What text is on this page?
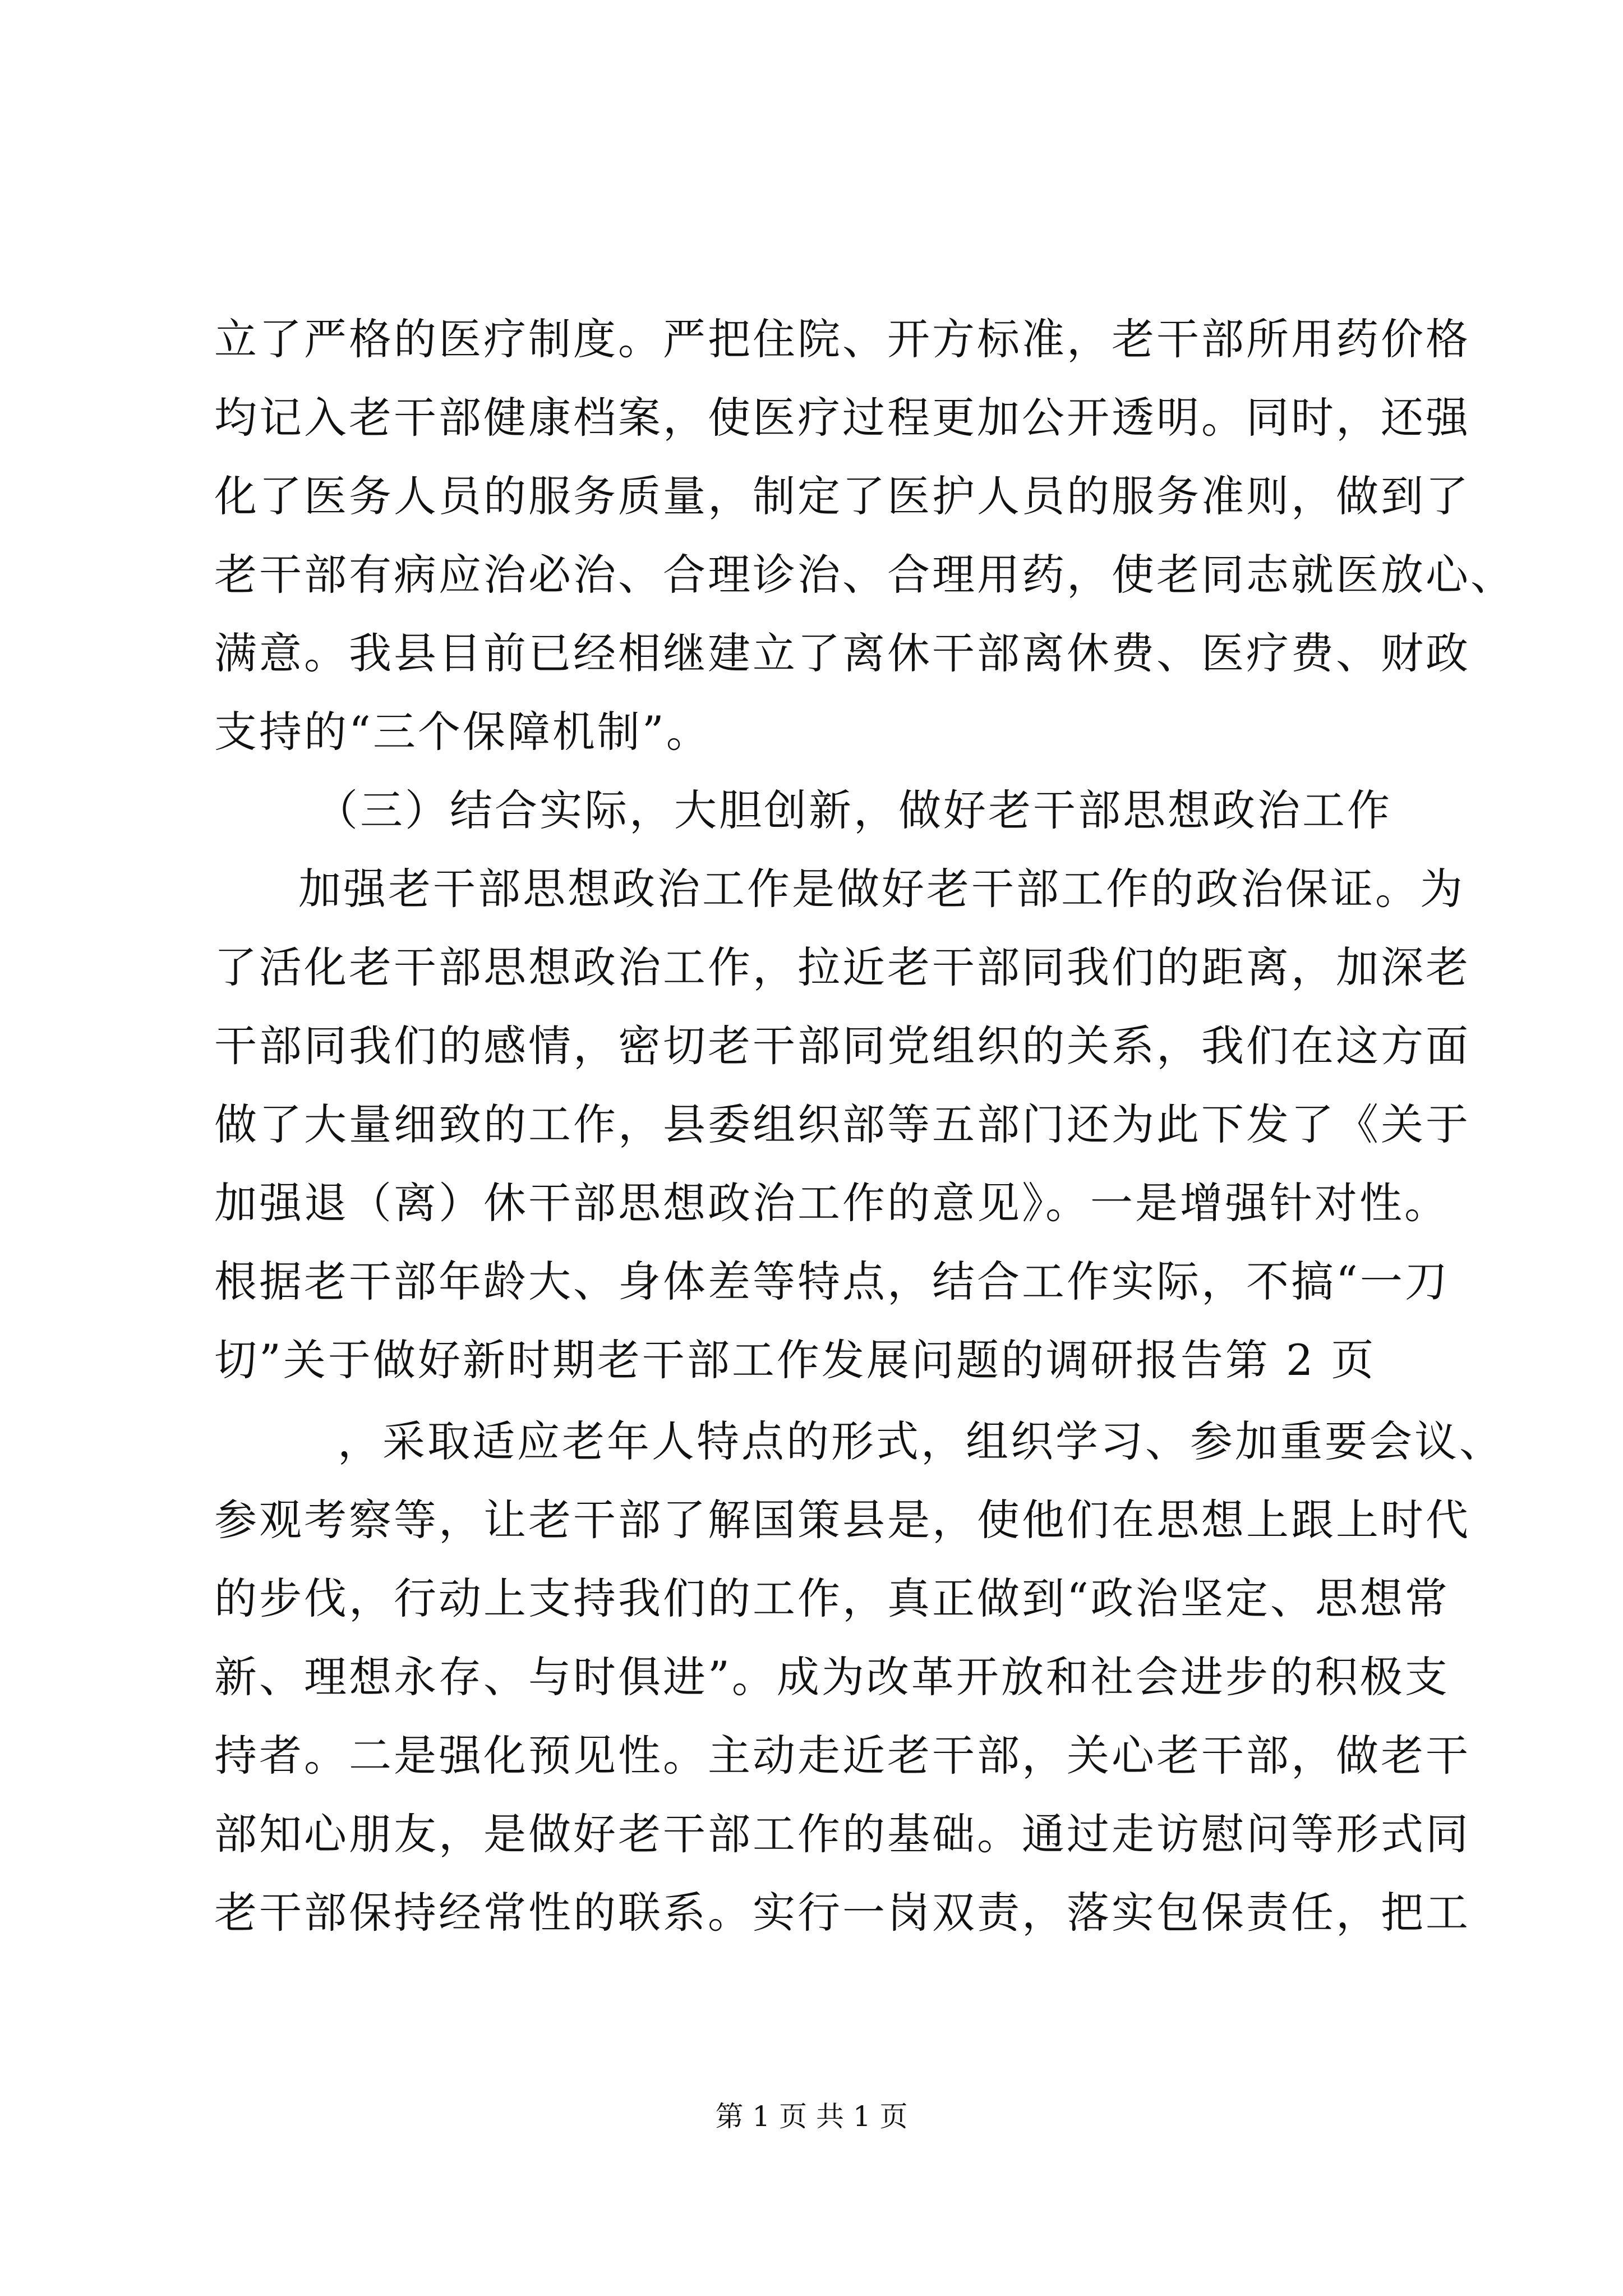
立了严格的医疗制度。严把住院、开方标准，老干部所用药价格
均记入老干部健康档案，使医疗过程更加公开透明。同时，还强
化了医务人员的服务质量，制定了医护人员的服务准则，做到了
老干部有病应治必治、合理诊治、合理用药，使老同志就医放心、
满意。我县目前已经相继建立了离休干部离休费、医疗费、财政
支持的“三个保障机制”。
（三）结合实际，大胆创新，做好老干部思想政治工作
加强老干部思想政治工作是做好老干部工作的政治保证。为
了活化老干部思想政治工作，拉近老干部同我们的距离，加深老
干部同我们的感情，密切老干部同党组织的关系，我们在这方面
做了大量细致的工作，县委组织部等五部门还为此下发了《关于
加强退（离）休干部思想政治工作的意见》。一是增强针对性。
根据老干部年龄大、身体差等特点，结合工作实际，不搞“一刀
切”关于做好新时期老干部工作发展问题的调研报告第 2 页
，采取适应老年人特点的形式，组织学习、参加重要会议、
参观考察等，让老干部了解国策县是，使他们在思想上跟上时代
的步伐，行动上支持我们的工作，真正做到“政治坚定、思想常
新、理想永存、与时俱进”。成为改革开放和社会进步的积极支
持者。二是强化预见性。主动走近老干部，关心老干部，做老干
部知心朋友，是做好老干部工作的基础。通过走访慰问等形式同
老干部保持经常性的联系。实行一岗双责，落实包保责任，把工
第 1 页 共 1 页
